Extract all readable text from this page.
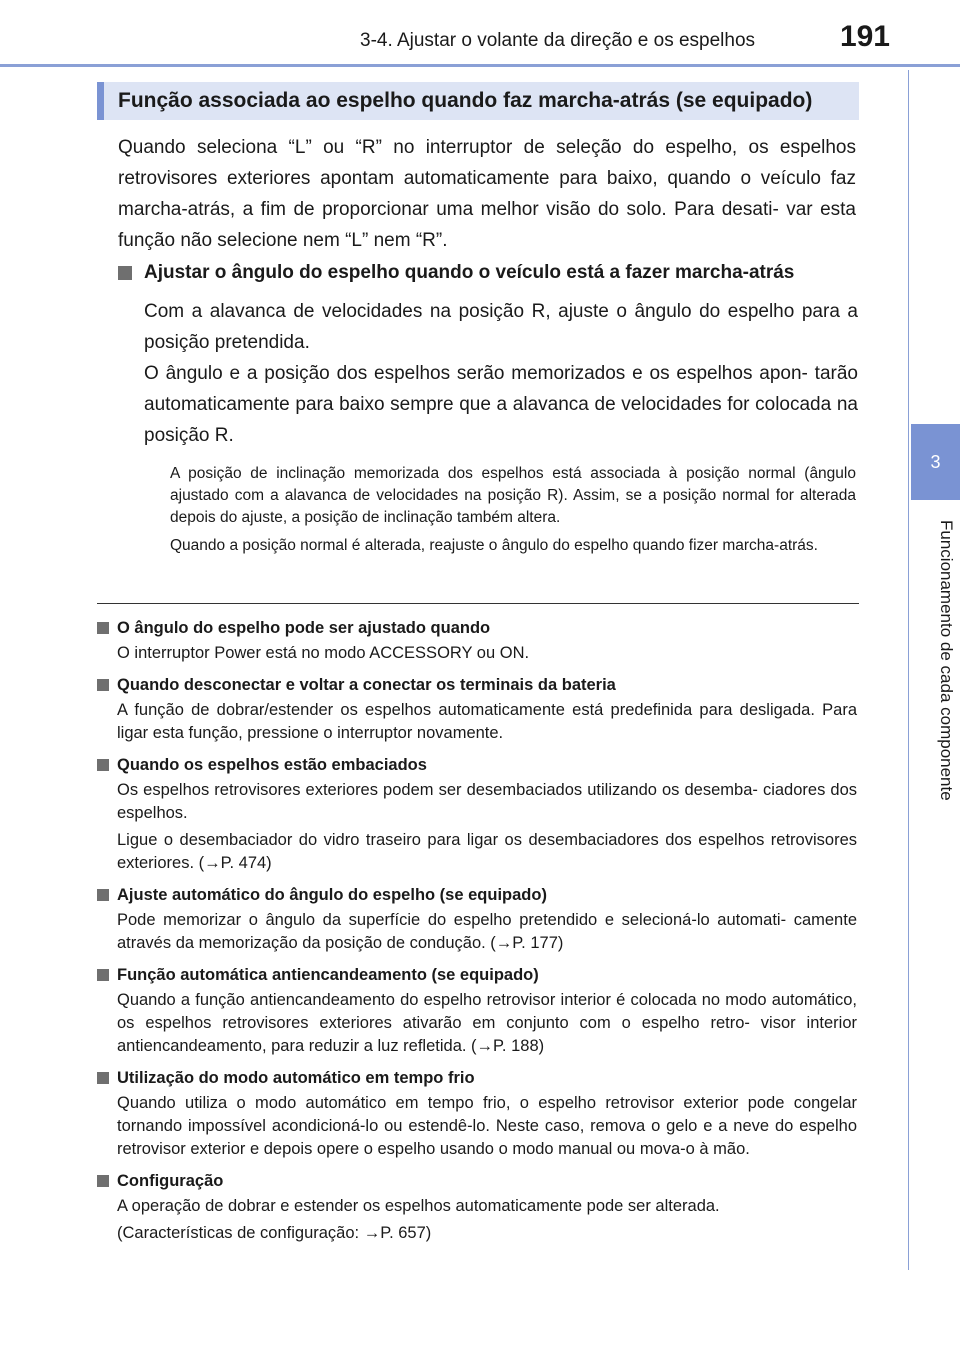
3-4. Ajustar o volante da direção e os espelhos	191
3
Funcionamento de cada componente
Função associada ao espelho quando faz marcha-atrás (se equipado)
Quando seleciona “L” ou “R” no interruptor de seleção do espelho, os espelhos retrovisores exteriores apontam automaticamente para baixo, quando o veículo faz marcha-atrás, a fim de proporcionar uma melhor visão do solo. Para desati- var esta função não selecione nem “L” nem “R”.
Ajustar o ângulo do espelho quando o veículo está a fazer marcha-atrás

Com a alavanca de velocidades na posição R, ajuste o ângulo do espelho para a posição pretendida.

O ângulo e a posição dos espelhos serão memorizados e os espelhos apon- tarão automaticamente para baixo sempre que a alavanca de velocidades for colocada na posição R.

A posição de inclinação memorizada dos espelhos está associada à posição normal (ângulo ajustado com a alavanca de velocidades na posição R). Assim, se a posição normal for alterada depois do ajuste, a posição de inclinação também altera.

Quando a posição normal é alterada, reajuste o ângulo do espelho quando fizer marcha-atrás.

O ângulo do espelho pode ser ajustado quando

O interruptor Power está no modo ACCESSORY ou ON.

Quando desconectar e voltar a conectar os terminais da bateria

A função de dobrar/estender os espelhos automaticamente está predefinida para desligada. Para ligar esta função, pressione o interruptor novamente.

Quando os espelhos estão embaciados

Os espelhos retrovisores exteriores podem ser desembaciados utilizando os desemba- ciadores dos espelhos.

Ligue o desembaciador do vidro traseiro para ligar os desembaciadores dos espelhos retrovisores exteriores. (→P. 474)

Ajuste automático do ângulo do espelho (se equipado)

Pode memorizar o ângulo da superfície do espelho pretendido e selecioná-lo automati- camente através da memorização da posição de condução. (→P. 177)

Função automática antiencandeamento (se equipado)

Quando a função antiencandeamento do espelho retrovisor interior é colocada no modo automático, os espelhos retrovisores exteriores ativarão em conjunto com o espelho retro- visor interior antiencandeamento, para reduzir a luz refletida. (→P. 188)

Utilização do modo automático em tempo frio

Quando utiliza o modo automático em tempo frio, o espelho retrovisor exterior pode congelar tornando impossível acondicioná-lo ou estendê-lo. Neste caso, remova o gelo e a neve do espelho retrovisor exterior e depois opere o espelho usando o modo manual ou mova-o à mão.

Configuração

A operação de dobrar e estender os espelhos automaticamente pode ser alterada.

(Características de configuração: →P. 657)
